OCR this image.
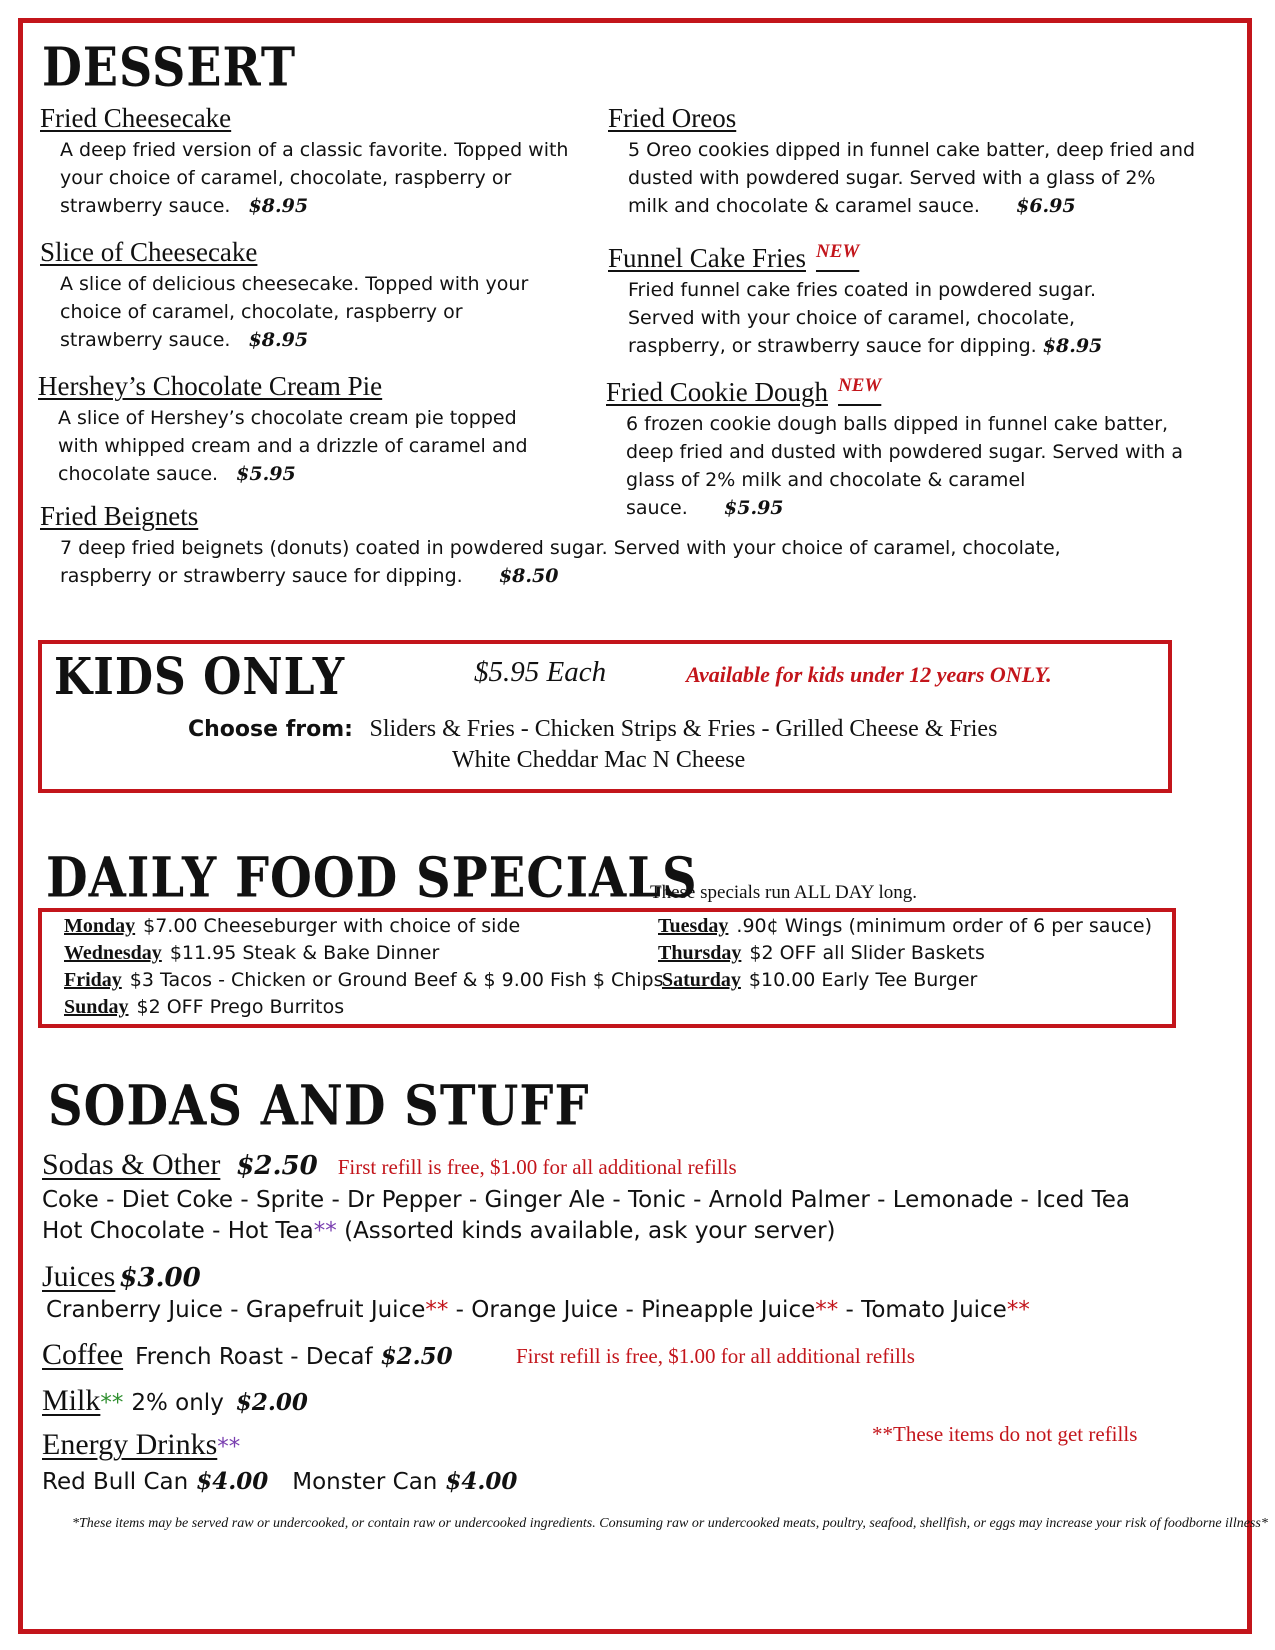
DESSERT
Fried Cheesecake
A deep fried version of a classic favorite. Topped with your choice of caramel, chocolate, raspberry or strawberry sauce. $8.95
Slice of Cheesecake
A slice of delicious cheesecake. Topped with your choice of caramel, chocolate, raspberry or strawberry sauce. $8.95
Hershey’s Chocolate Cream Pie
A slice of Hershey’s chocolate cream pie topped with whipped cream and a drizzle of caramel and chocolate sauce. $5.95
Fried Oreos
5 Oreo cookies dipped in funnel cake batter, deep fried and dusted with powdered sugar. Served with a glass of 2% milk and chocolate & caramel sauce. $6.95
Funnel Cake Fries $^{NEW}$
Fried funnel cake fries coated in powdered sugar. Served with your choice of caramel, chocolate, raspberry, or strawberry sauce for dipping. $8.95
Fried Cookie Dough $^{NEW}$
6 frozen cookie dough balls dipped in funnel cake batter, deep fried and dusted with powdered sugar. Served with a glass of 2% milk and chocolate & caramel sauce. $5.95
Fried Beignets
7 deep fried beignets (donuts) coated in powdered sugar. Served with your choice of caramel, chocolate, raspberry or strawberry sauce for dipping. $8.50
KIDS ONLY	$5.95 Each	Available for kids under 12 years ONLY.
Choose from: Sliders & Fries - Chicken Strips & Fries - Grilled Cheese & Fries
White Cheddar Mac N Cheese
DAILY FOOD SPECIALS
These specials run ALL DAY long.
Monday $7.00 Cheeseburger with choice of side
Wednesday $11.95 Steak & Bake Dinner
Friday $3 Tacos - Chicken or Ground Beef & $ 9.00 Fish $ Chips
Sunday $2 OFF Prego Burritos
Tuesday .90¢ Wings (minimum order of 6 per sauce)
Thursday $2 OFF all Slider Baskets
Saturday $10.00 Early Tee Burger
SODAS AND STUFF
Sodas & Other $2.50 First refill is free, $1.00 for all additional refills
Coke - Diet Coke - Sprite - Dr Pepper - Ginger Ale - Tonic - Arnold Palmer - Lemonade - Iced Tea
Hot Chocolate - Hot Tea** (Assorted kinds available, ask your server)
Juices $3.00
Cranberry Juice - Grapefruit Juice** - Orange Juice - Pineapple Juice** - Tomato Juice**
Coffee French Roast - Decaf $2.50	First refill is free, $1.00 for all additional refills
Milk** 2% only $2.00
Energy Drinks**	**These items do not get refills
Red Bull Can $4.00 Monster Can $4.00
*These items may be served raw or undercooked, or contain raw or undercooked ingredients. Consuming raw or undercooked meats, poultry, seafood, shellfish, or eggs may increase your risk of foodborne illness*
